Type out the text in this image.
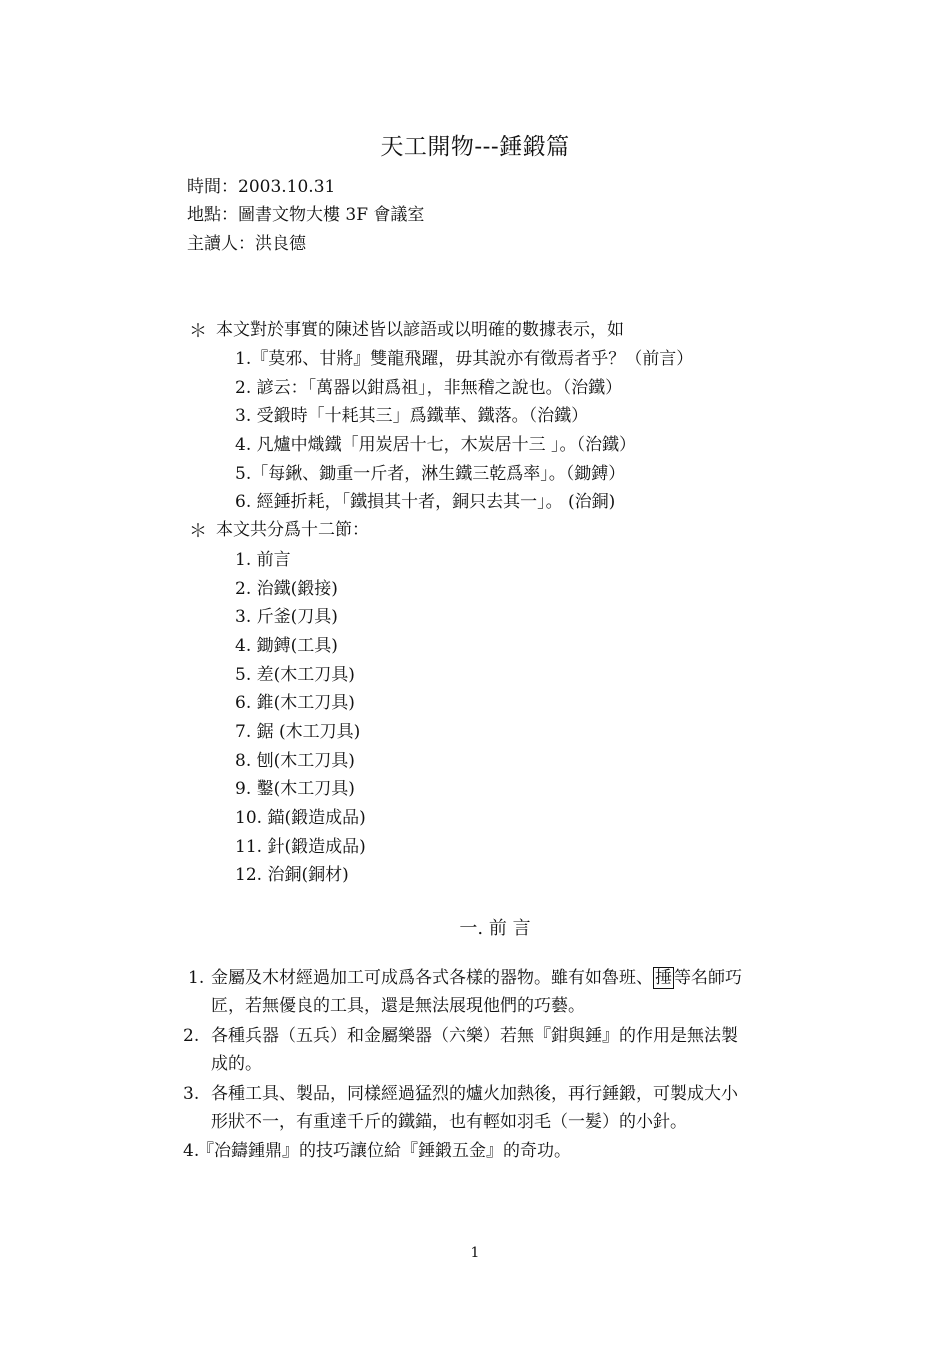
天工開物---錘鍛篇
時間：2003.10.31
地點：圖書文物大樓 3F 會議室
主讀人：洪良德
＊ 本文對於事實的陳述皆以諺語或以明確的數據表示，如
1.『莫邪、甘將』雙龍飛躍，毋其說亦有徵焉者乎？（前言）
2. 諺云：「萬器以鉗爲祖」，非無稽之說也。（治鐵）
3. 受鍛時「十耗其三」爲鐵華、鐵落。（治鐵）
4. 凡爐中熾鐵「用炭居十七，木炭居十三 」。（治鐵）
5.「每鍬、鋤重一斤者，淋生鐵三乾爲率」。（鋤鎛）
6. 經錘折耗，「鐵損其十者，銅只去其一」。 (治銅)
＊ 本文共分爲十二節：
1. 前言
2. 治鐵(鍛接)
3. 斤釜(刀具)
4. 鋤鎛(工具)
5. 差(木工刀具)
6. 錐(木工刀具)
7. 鋸 (木工刀具)
8. 刨(木工刀具)
9. 鑿(木工刀具)
10. 錨(鍛造成品)
11. 針(鍛造成品)
12. 治銅(銅材)
一. 前 言
1. 金屬及木材經過加工可成爲各式各樣的器物。雖有如魯班、 捶 等名師巧
匠，若無優良的工具，還是無法展現他們的巧藝。
2. 各種兵器（五兵）和金屬樂器（六樂）若無『鉗與錘』的作用是無法製
成的。
3. 各種工具、製品，同樣經過猛烈的爐火加熱後，再行錘鍛，可製成大小
形狀不一，有重達千斤的鐵錨，也有輕如羽毛（一髮）的小針。
4.
『冶鑄鍾鼎』的技巧讓位給『錘鍛五金』的奇功。
1
